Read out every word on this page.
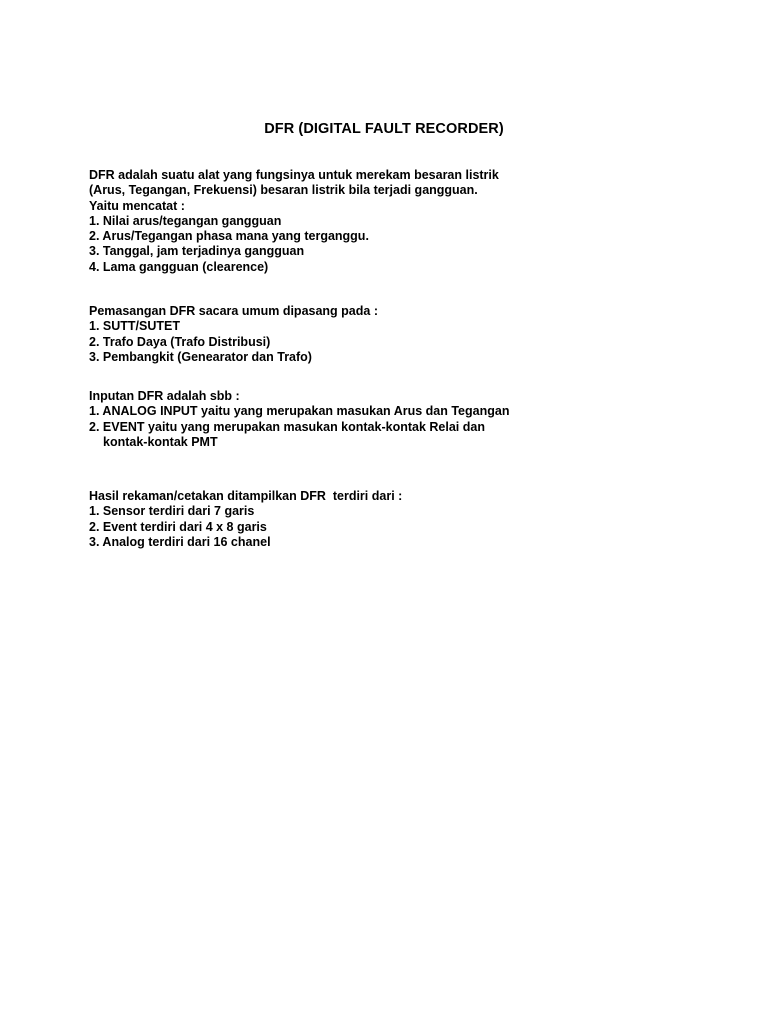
DFR (DIGITAL FAULT RECORDER)
DFR adalah suatu alat yang fungsinya untuk merekam besaran listrik
(Arus, Tegangan, Frekuensi) besaran listrik bila terjadi gangguan.
Yaitu mencatat :
1. Nilai arus/tegangan gangguan
2. Arus/Tegangan phasa mana yang terganggu.
3. Tanggal, jam terjadinya gangguan
4. Lama gangguan (clearence)
Pemasangan DFR sacara umum dipasang pada :
1. SUTT/SUTET
2. Trafo Daya (Trafo Distribusi)
3. Pembangkit (Genearator dan Trafo)
Inputan DFR adalah sbb :
1. ANALOG INPUT yaitu yang merupakan masukan Arus dan Tegangan
2. EVENT yaitu yang merupakan masukan kontak-kontak Relai dan
kontak-kontak PMT
Hasil rekaman/cetakan ditampilkan DFR  terdiri dari :
1. Sensor terdiri dari 7 garis
2. Event terdiri dari 4 x 8 garis
3. Analog terdiri dari 16 chanel
